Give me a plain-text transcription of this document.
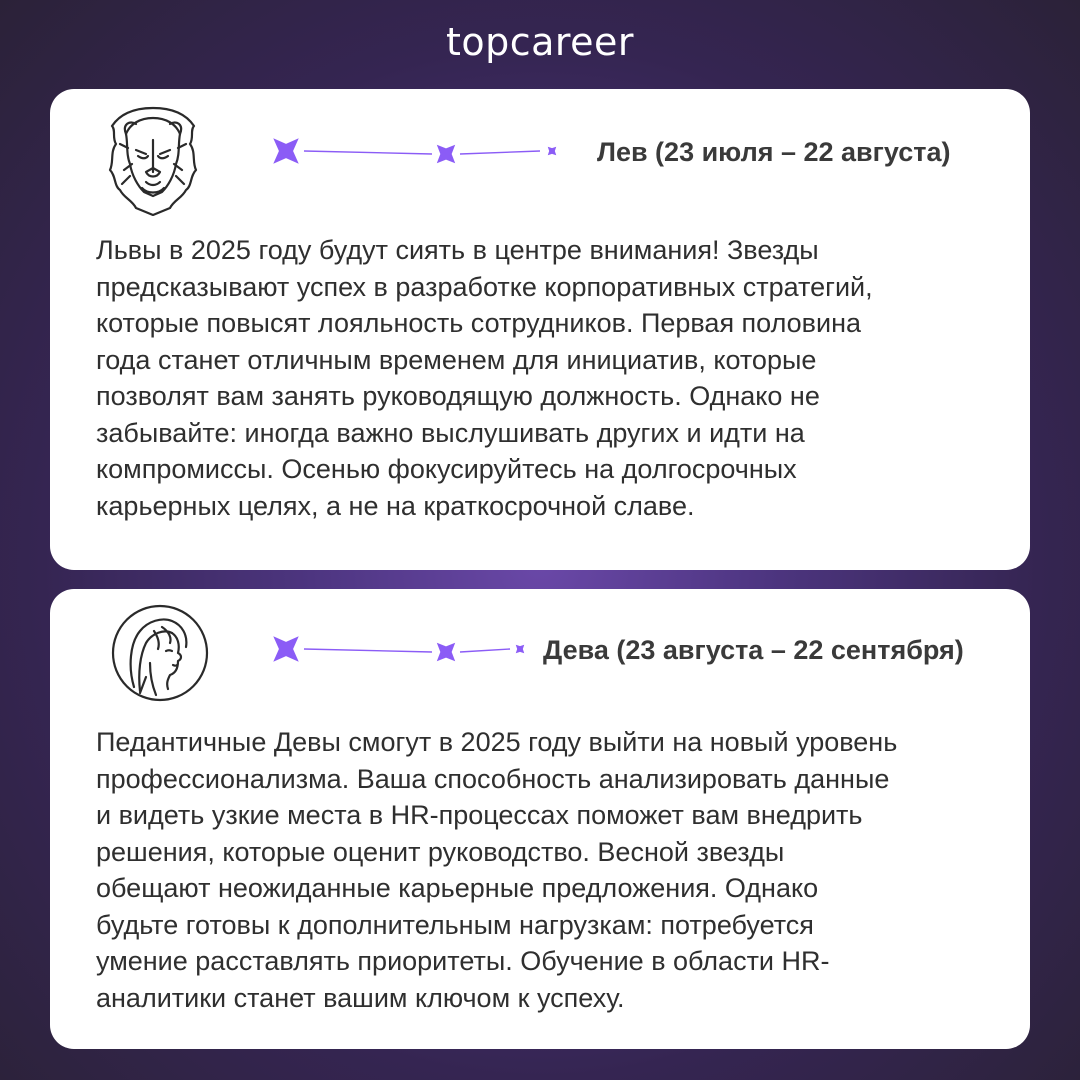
topcareer
Лев (23 июля – 22 августа)

Львы в 2025 году будут сиять в центре внимания! Звезды
предсказывают успех в разработке корпоративных стратегий,
которые повысят лояльность сотрудников. Первая половина
года станет отличным временем для инициатив, которые
позволят вам занять руководящую должность. Однако не
забывайте: иногда важно выслушивать других и идти на
компромиссы. Осенью фокусируйтесь на долгосрочных
карьерных целях, а не на краткосрочной славе.

Дева (23 августа – 22 сентября)

Педантичные Девы смогут в 2025 году выйти на новый уровень
профессионализма. Ваша способность анализировать данные
и видеть узкие места в HR-процессах поможет вам внедрить
решения, которые оценит руководство. Весной звезды
обещают неожиданные карьерные предложения. Однако
будьте готовы к дополнительным нагрузкам: потребуется
умение расставлять приоритеты. Обучение в области HR-
аналитики станет вашим ключом к успеху.
